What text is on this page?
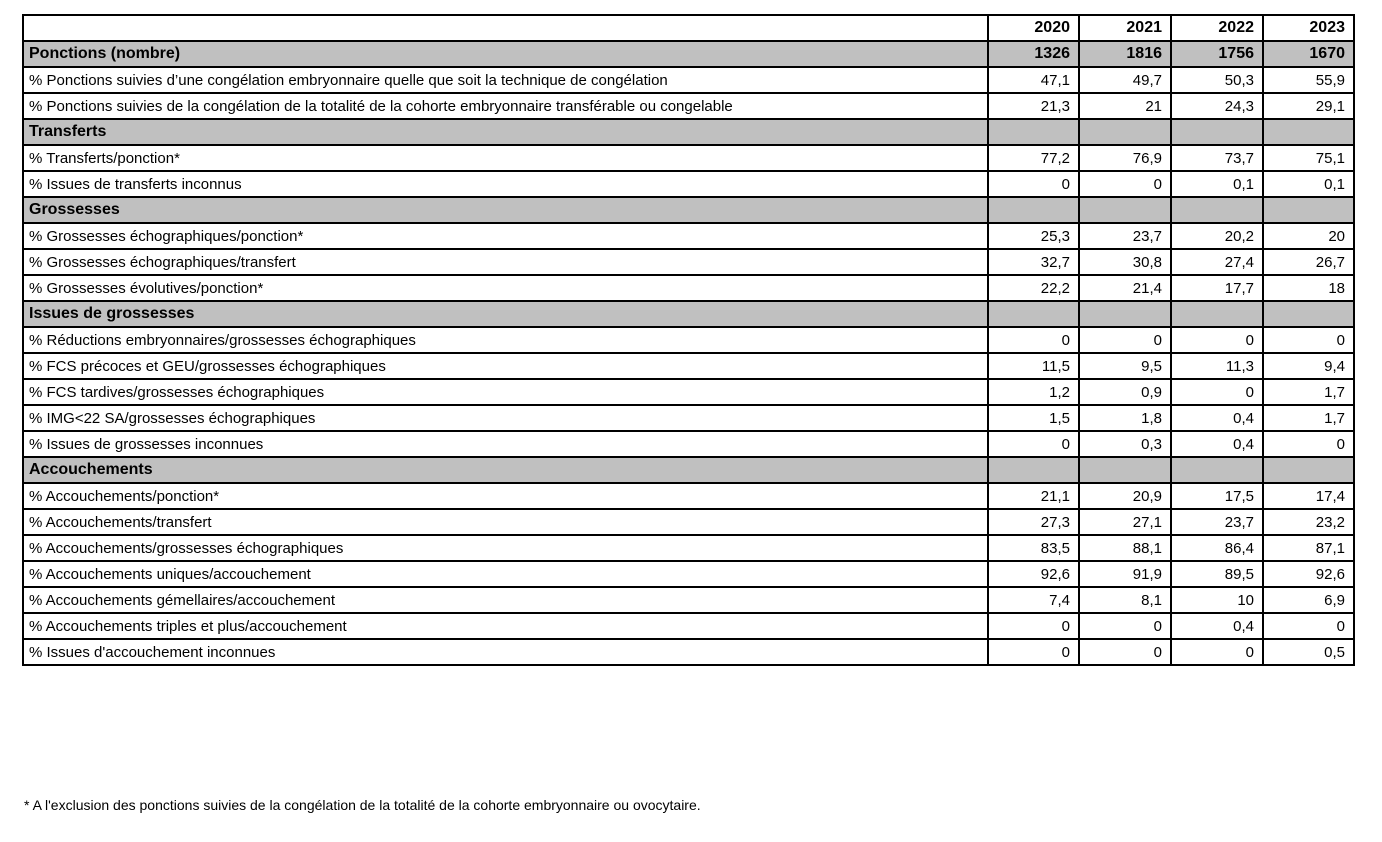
	2020	2021	2022	2023
Ponctions (nombre)	1326	1816	1756	1670
% Ponctions suivies d’une congélation embryonnaire quelle que soit la technique de congélation	47,1	49,7	50,3	55,9
% Ponctions suivies de la congélation de la totalité de la cohorte embryonnaire transférable ou congelable	21,3	21	24,3	29,1
Transferts				
% Transferts/ponction*	77,2	76,9	73,7	75,1
% Issues de transferts inconnus	0	0	0,1	0,1
Grossesses				
% Grossesses échographiques/ponction*	25,3	23,7	20,2	20
% Grossesses échographiques/transfert	32,7	30,8	27,4	26,7
% Grossesses évolutives/ponction*	22,2	21,4	17,7	18
Issues de grossesses				
% Réductions embryonnaires/grossesses échographiques	0	0	0	0
% FCS précoces et GEU/grossesses échographiques	11,5	9,5	11,3	9,4
% FCS tardives/grossesses échographiques	1,2	0,9	0	1,7
% IMG<22 SA/grossesses échographiques	1,5	1,8	0,4	1,7
% Issues de grossesses inconnues	0	0,3	0,4	0
Accouchements				
% Accouchements/ponction*	21,1	20,9	17,5	17,4
% Accouchements/transfert	27,3	27,1	23,7	23,2
% Accouchements/grossesses échographiques	83,5	88,1	86,4	87,1
% Accouchements uniques/accouchement	92,6	91,9	89,5	92,6
% Accouchements gémellaires/accouchement	7,4	8,1	10	6,9
% Accouchements triples et plus/accouchement	0	0	0,4	0
% Issues d'accouchement inconnues	0	0	0	0,5
* A l'exclusion des ponctions suivies de la congélation de la totalité de la cohorte embryonnaire ou ovocytaire.
